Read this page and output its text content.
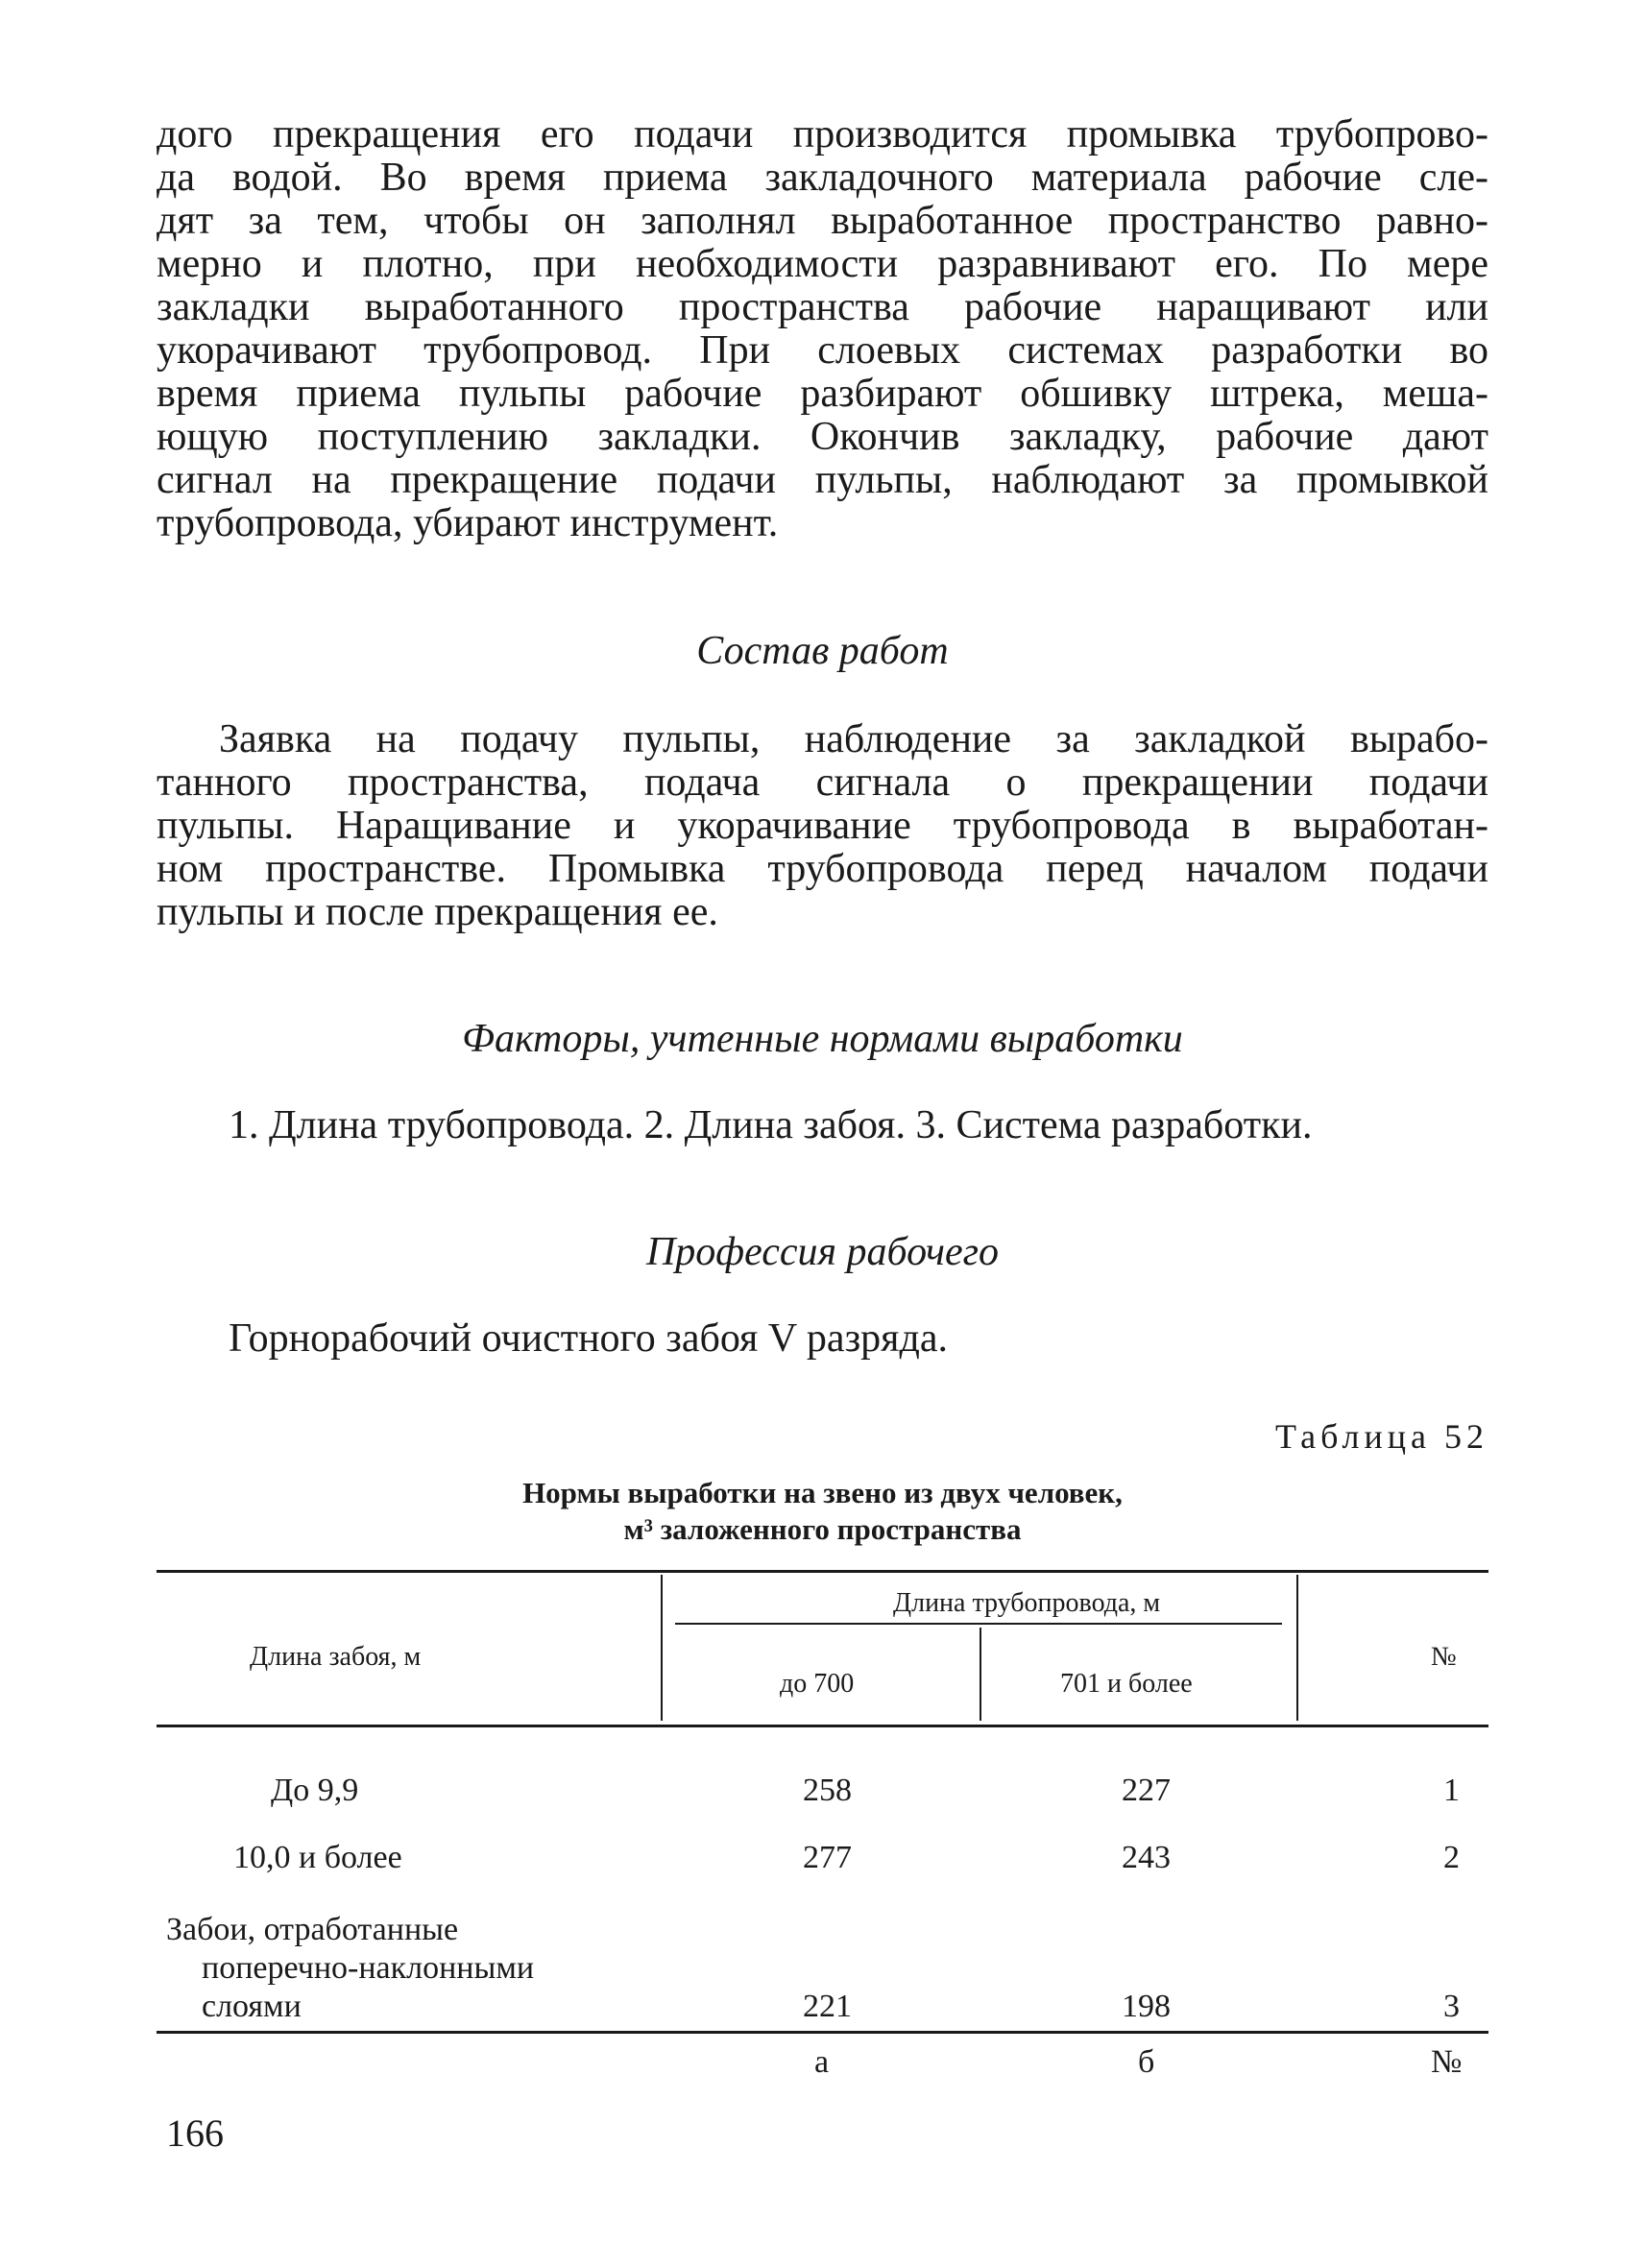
дого прекращения его подачи производится промывка трубопрово-
да водой. Во время приема закладочного материала рабочие сле-
дят за тем, чтобы он заполнял выработанное пространство равно-
мерно и плотно, при необходимости разравнивают его. По мере
закладки выработанного пространства рабочие наращивают или
укорачивают трубопровод. При слоевых системах разработки во
время приема пульпы рабочие разбирают обшивку штрека, меша-
ющую поступлению закладки. Окончив закладку, рабочие дают
сигнал на прекращение подачи пульпы, наблюдают за промывкой
трубопровода, убирают инструмент.
Состав работ
Заявка на подачу пульпы, наблюдение за закладкой вырабо-
танного пространства, подача сигнала о прекращении подачи
пульпы. Наращивание и укорачивание трубопровода в выработан-
ном пространстве. Промывка трубопровода перед началом подачи
пульпы и после прекращения ее.
Факторы, учтенные нормами выработки
1. Длина трубопровода. 2. Длина забоя. 3. Система разработки.
Профессия рабочего
Горнорабочий очистного забоя V разряда.
Таблица 52
Нормы выработки на звено из двух человек,
м³ заложенного пространства
Длина забоя, м
Длина трубопровода, м
до 700	701 и более
№
До 9,9	258	227	1
10,0 и более	277	243	2
Забои, отработанные
поперечно-наклонными
слоями	221	198	3
а	б	№
166
